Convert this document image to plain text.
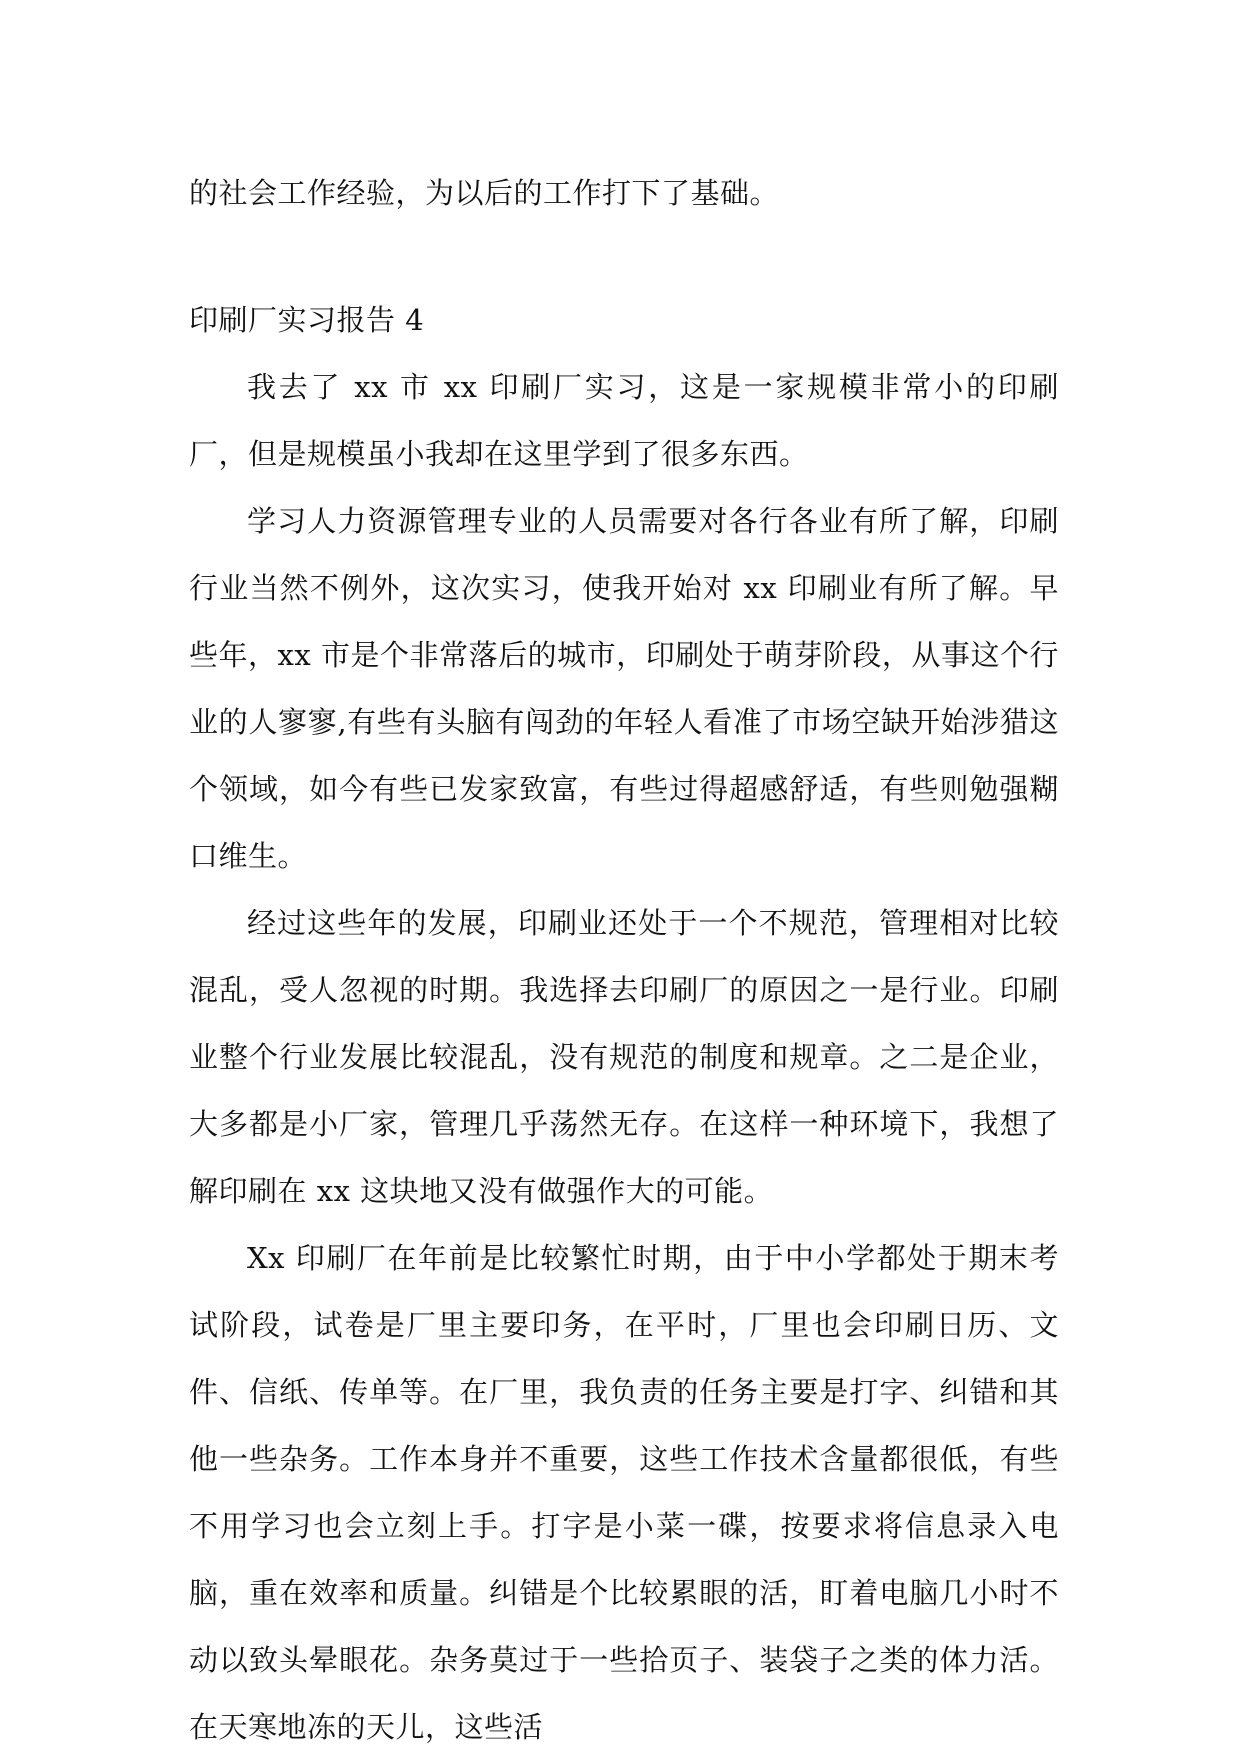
的社会工作经验，为以后的工作打下了基础。

印刷厂实习报告 4

我去了 xx 市 xx 印刷厂实习，这是一家规模非常小的印刷厂，但是规模虽小我却在这里学到了很多东西。

学习人力资源管理专业的人员需要对各行各业有所了解，印刷行业当然不例外，这次实习，使我开始对 xx 印刷业有所了解。早些年，xx 市是个非常落后的城市，印刷处于萌芽阶段，从事这个行业的人寥寥,有些有头脑有闯劲的年轻人看准了市场空缺开始涉猎这个领域，如今有些已发家致富，有些过得超感舒适，有些则勉强糊口维生。

经过这些年的发展，印刷业还处于一个不规范，管理相对比较混乱，受人忽视的时期。我选择去印刷厂的原因之一是行业。印刷业整个行业发展比较混乱，没有规范的制度和规章。之二是企业，大多都是小厂家，管理几乎荡然无存。在这样一种环境下，我想了解印刷在 xx 这块地又没有做强作大的可能。

Xx 印刷厂在年前是比较繁忙时期，由于中小学都处于期末考试阶段，试卷是厂里主要印务，在平时，厂里也会印刷日历、文件、信纸、传单等。在厂里，我负责的任务主要是打字、纠错和其他一些杂务。工作本身并不重要，这些工作技术含量都很低，有些不用学习也会立刻上手。打字是小菜一碟，按要求将信息录入电脑，重在效率和质量。纠错是个比较累眼的活，盯着电脑几小时不动以致头晕眼花。杂务莫过于一些拾页子、装袋子之类的体力活。在天寒地冻的天儿，这些活
